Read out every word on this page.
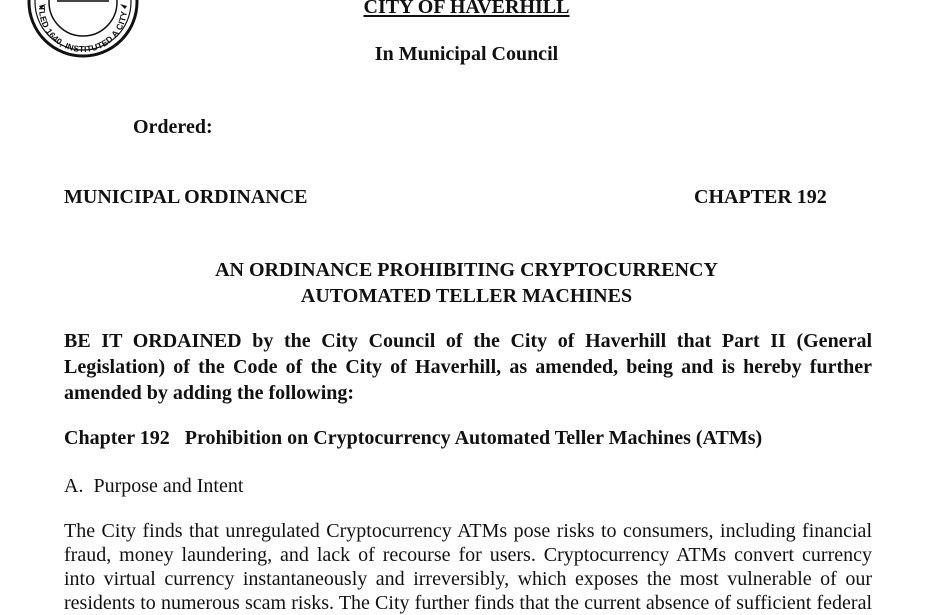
TLED 1640, INSTITUTED A CITY	CITY OF HAVERHILL
In Municipal Council
Ordered:
MUNICIPAL ORDINANCE	CHAPTER 192
AN ORDINANCE PROHIBITING CRYPTOCURRENCY
AUTOMATED TELLER MACHINES
BE IT ORDAINED by the City Council of the City of Haverhill that Part II (General
Legislation) of the Code of the City of Haverhill, as amended, being and is hereby further
amended by adding the following:
Chapter 192   Prohibition on Cryptocurrency Automated Teller Machines (ATMs)
A.  Purpose and Intent
The City finds that unregulated Cryptocurrency ATMs pose risks to consumers, including financial
fraud, money laundering, and lack of recourse for users. Cryptocurrency ATMs convert currency
into virtual currency instantaneously and irreversibly, which exposes the most vulnerable of our
residents to numerous scam risks. The City further finds that the current absence of sufficient federal
